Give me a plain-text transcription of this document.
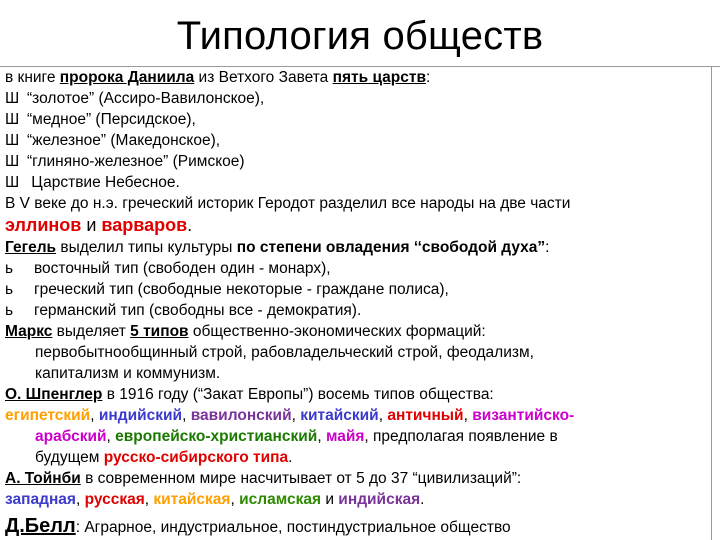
Типология обществ
в книге пророка Даниила из Ветхого Завета пять царств:
Ш “золотое” (Ассиро-Вавилонское),
Ш “медное” (Персидское),
Ш “железное” (Македонское),
Ш “глиняно-железное” (Римское)
Ш Царствие Небесное.
В V веке до н.э. греческий историк Геродот разделил все народы на две части
эллинов и варваров.
Гегель выделил типы культуры по степени овладения ‘‘свободой духа”:
ь восточный тип (свободен один - монарх),
ь греческий тип (свободные некоторые - граждане полиса),
ь германский тип (свободны все - демократия).
Маркс выделяет 5 типов общественно-экономических формаций:
первобытнообщинный строй, рабовладельческий строй, феодализм,
капитализм и коммунизм.
О. Шпенглер в 1916 году (“Закат Европы”) восемь типов общества:
египетский, индийский, вавилонский, китайский, античный, византийско-
арабский, европейско-христианский, майя, предполагая появление в
будущем русско-сибирского типа.
А. Тойнби в современном мире насчитывает от 5 до 37 “цивилизаций”:
западная, русская, китайская, исламская и индийская.
Д.Белл: Аграрное, индустриальное, постиндустриальное общество
